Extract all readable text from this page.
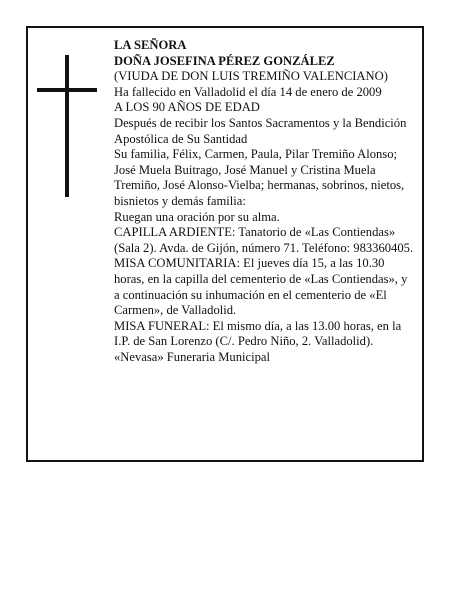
LA SEÑORA

DOÑA JOSEFINA PÉREZ GONZÁLEZ

(VIUDA DE DON LUIS TREMIÑO VALENCIANO)

Ha fallecido en Valladolid el día 14 de enero de 2009

A LOS 90 AÑOS DE EDAD

Después de recibir los Santos Sacramentos y la Bendición Apostólica de Su Santidad

Su familia, Félix, Carmen, Paula, Pilar Tremiño Alonso; José Muela Buitrago, José Manuel y Cristina Muela Tremiño, José Alonso-Vielba; hermanas, sobrinos, nietos, bisnietos y demás familia:

Ruegan una oración por su alma.

CAPILLA ARDIENTE: Tanatorio de «Las Contiendas» (Sala 2). Avda. de Gijón, número 71. Teléfono: 983360405.

MISA COMUNITARIA: El jueves día 15, a las 10.30 horas, en la capilla del cementerio de «Las Contiendas», y a continuación su inhumación en el cementerio de «El Carmen», de Valladolid.

MISA FUNERAL: El mismo día, a las 13.00 horas, en la I.P. de San Lorenzo (C/. Pedro Niño, 2. Valladolid).

«Nevasa» Funeraria Municipal
